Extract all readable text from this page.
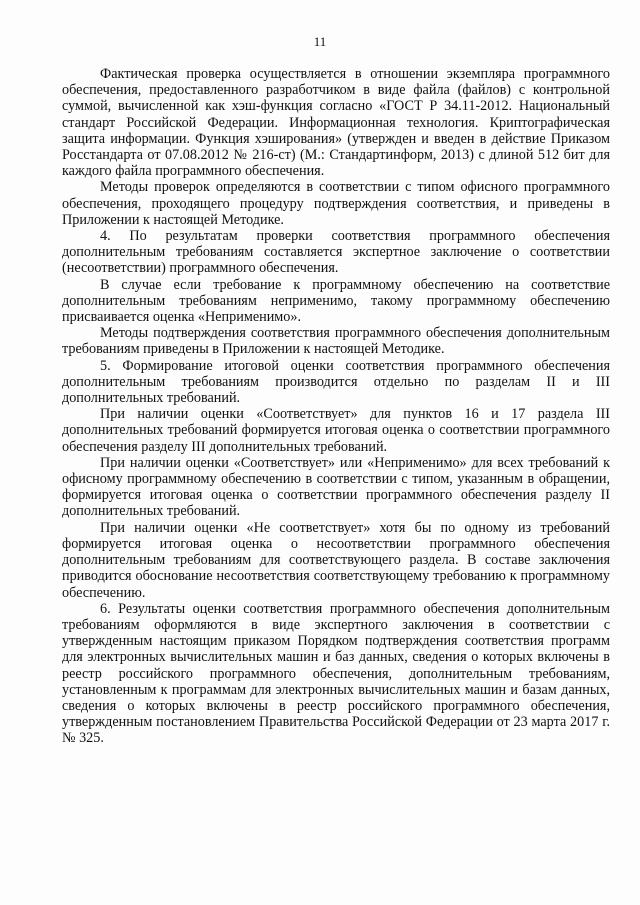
11

Фактическая проверка осуществляется в отношении экземпляра программного обеспечения, предоставленного разработчиком в виде файла (файлов) с контрольной суммой, вычисленной как хэш-функция согласно «ГОСТ Р 34.11-2012. Национальный стандарт Российской Федерации. Информационная технология. Криптографическая защита информации. Функция хэширования» (утвержден и введен в действие Приказом Росстандарта от 07.08.2012 № 216-ст) (М.: Стандартинформ, 2013) с длиной 512 бит для каждого файла программного обеспечения.

Методы проверок определяются в соответствии с типом офисного программного обеспечения, проходящего процедуру подтверждения соответствия, и приведены в Приложении к настоящей Методике.

4. По результатам проверки соответствия программного обеспечения дополнительным требованиям составляется экспертное заключение о соответствии (несоответствии) программного обеспечения.

В случае если требование к программному обеспечению на соответствие дополнительным требованиям неприменимо, такому программному обеспечению присваивается оценка «Неприменимо».

Методы подтверждения соответствия программного обеспечения дополнительным требованиям приведены в Приложении к настоящей Методике.

5. Формирование итоговой оценки соответствия программного обеспечения дополнительным требованиям производится отдельно по разделам II и III дополнительных требований.

При наличии оценки «Соответствует» для пунктов 16 и 17 раздела III дополнительных требований формируется итоговая оценка о соответствии программного обеспечения разделу III дополнительных требований.

При наличии оценки «Соответствует» или «Неприменимо» для всех требований к офисному программному обеспечению в соответствии с типом, указанным в обращении, формируется итоговая оценка о соответствии программного обеспечения разделу II дополнительных требований.

При наличии оценки «Не соответствует» хотя бы по одному из требований формируется итоговая оценка о несоответствии программного обеспечения дополнительным требованиям для соответствующего раздела. В составе заключения приводится обоснование несоответствия соответствующему требованию к программному обеспечению.

6. Результаты оценки соответствия программного обеспечения дополнительным требованиям оформляются в виде экспертного заключения в соответствии с утвержденным настоящим приказом Порядком подтверждения соответствия программ для электронных вычислительных машин и баз данных, сведения о которых включены в реестр российского программного обеспечения, дополнительным требованиям, установленным к программам для электронных вычислительных машин и базам данных, сведения о которых включены в реестр российского программного обеспечения, утвержденным постановлением Правительства Российской Федерации от 23 марта 2017 г. № 325.
